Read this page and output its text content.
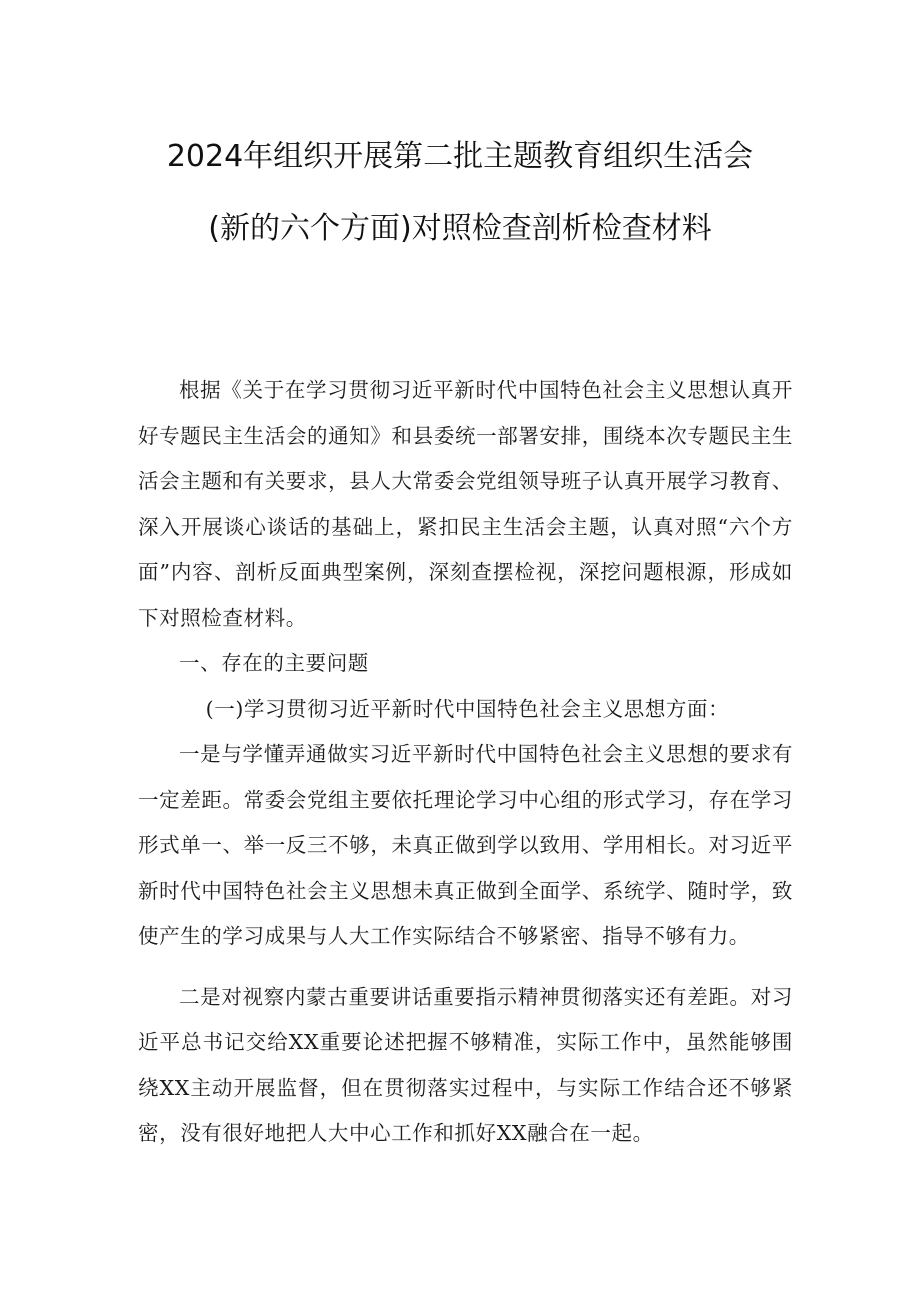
2024年组织开展第二批主题教育组织生活会
(新的六个方面)对照检查剖析检查材料

根据《关于在学习贯彻习近平新时代中国特色社会主义思想认真开好专题民主生活会的通知》和县委统一部署安排，围绕本次专题民主生活会主题和有关要求，县人大常委会党组领导班子认真开展学习教育、深入开展谈心谈话的基础上，紧扣民主生活会主题，认真对照“六个方面”内容、剖析反面典型案例，深刻查摆检视，深挖问题根源，形成如下对照检查材料。

一、存在的主要问题

(一)学习贯彻习近平新时代中国特色社会主义思想方面：

一是与学懂弄通做实习近平新时代中国特色社会主义思想的要求有一定差距。常委会党组主要依托理论学习中心组的形式学习，存在学习形式单一、举一反三不够，未真正做到学以致用、学用相长。对习近平新时代中国特色社会主义思想未真正做到全面学、系统学、随时学，致使产生的学习成果与人大工作实际结合不够紧密、指导不够有力。

二是对视察内蒙古重要讲话重要指示精神贯彻落实还有差距。对习近平总书记交给XX重要论述把握不够精准，实际工作中，虽然能够围绕XX主动开展监督，但在贯彻落实过程中，与实际工作结合还不够紧密，没有很好地把人大中心工作和抓好XX融合在一起。
